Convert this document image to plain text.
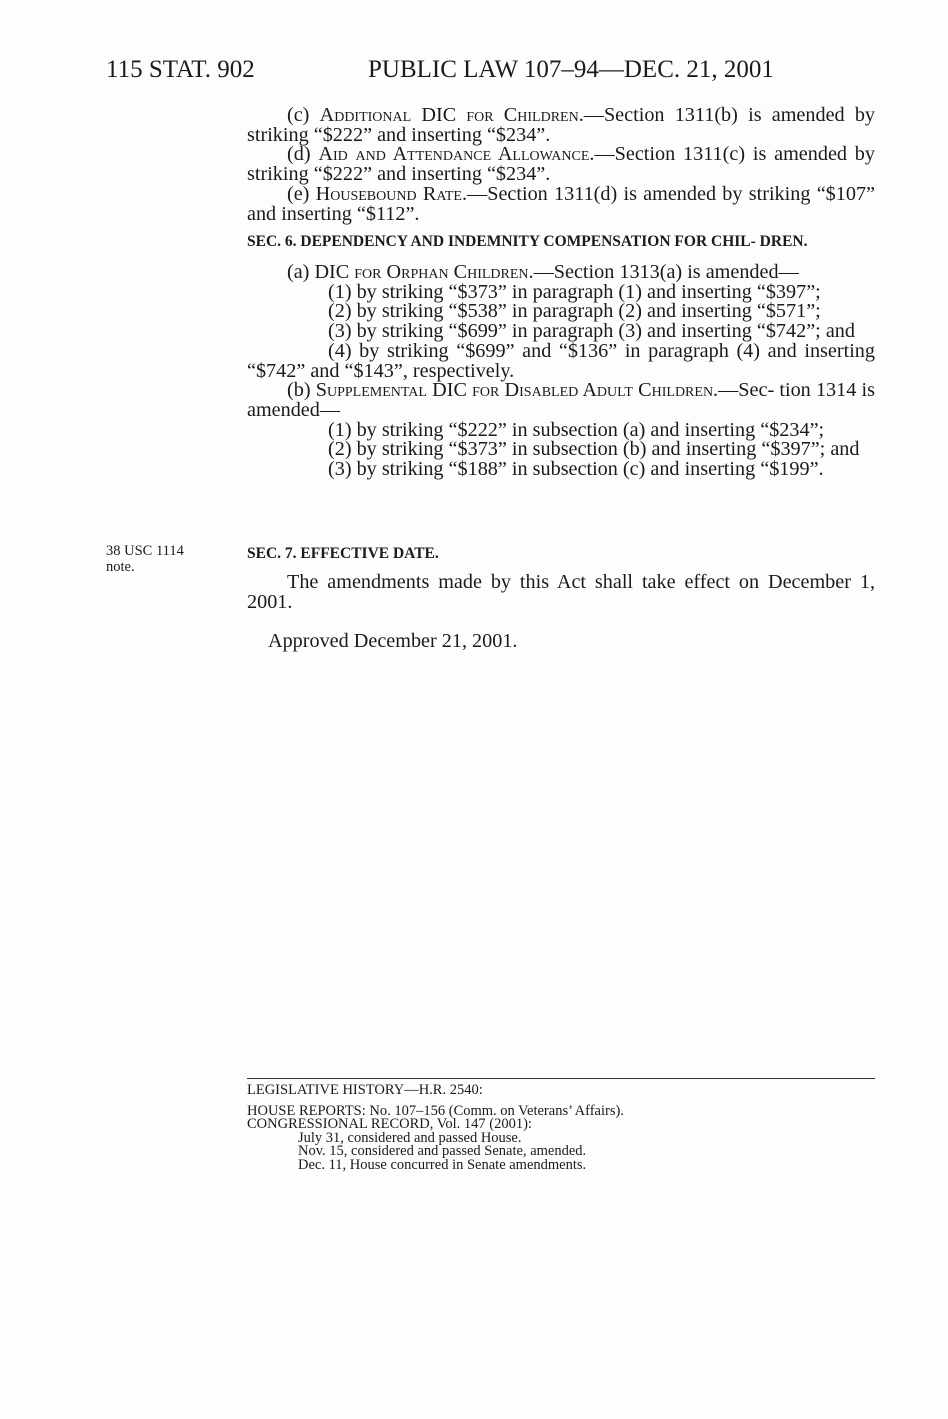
115 STAT. 902	PUBLIC LAW 107–94—DEC. 21, 2001

(c) Additional DIC for Children.—Section 1311(b) is amended by striking “$222” and inserting “$234”.

(d) Aid and Attendance Allowance.—Section 1311(c) is amended by striking “$222” and inserting “$234”.

(e) Housebound Rate.—Section 1311(d) is amended by striking “$107” and inserting “$112”.

SEC. 6. DEPENDENCY AND INDEMNITY COMPENSATION FOR CHIL- DREN.

(a) DIC for Orphan Children.—Section 1313(a) is amended—

(1) by striking “$373” in paragraph (1) and inserting “$397”;

(2) by striking “$538” in paragraph (2) and inserting “$571”;

(3) by striking “$699” in paragraph (3) and inserting “$742”; and

(4) by striking “$699” and “$136” in paragraph (4) and inserting “$742” and “$143”, respectively.

(b) Supplemental DIC for Disabled Adult Children.—Sec- tion 1314 is amended—

(1) by striking “$222” in subsection (a) and inserting “$234”;

(2) by striking “$373” in subsection (b) and inserting “$397”; and

(3) by striking “$188” in subsection (c) and inserting “$199”.

38 USC 1114 note.

SEC. 7. EFFECTIVE DATE.

The amendments made by this Act shall take effect on December 1, 2001.

Approved December 21, 2001.

LEGISLATIVE HISTORY—H.R. 2540:

HOUSE REPORTS: No. 107–156 (Comm. on Veterans’ Affairs).

CONGRESSIONAL RECORD, Vol. 147 (2001):

July 31, considered and passed House.

Nov. 15, considered and passed Senate, amended.

Dec. 11, House concurred in Senate amendments.
